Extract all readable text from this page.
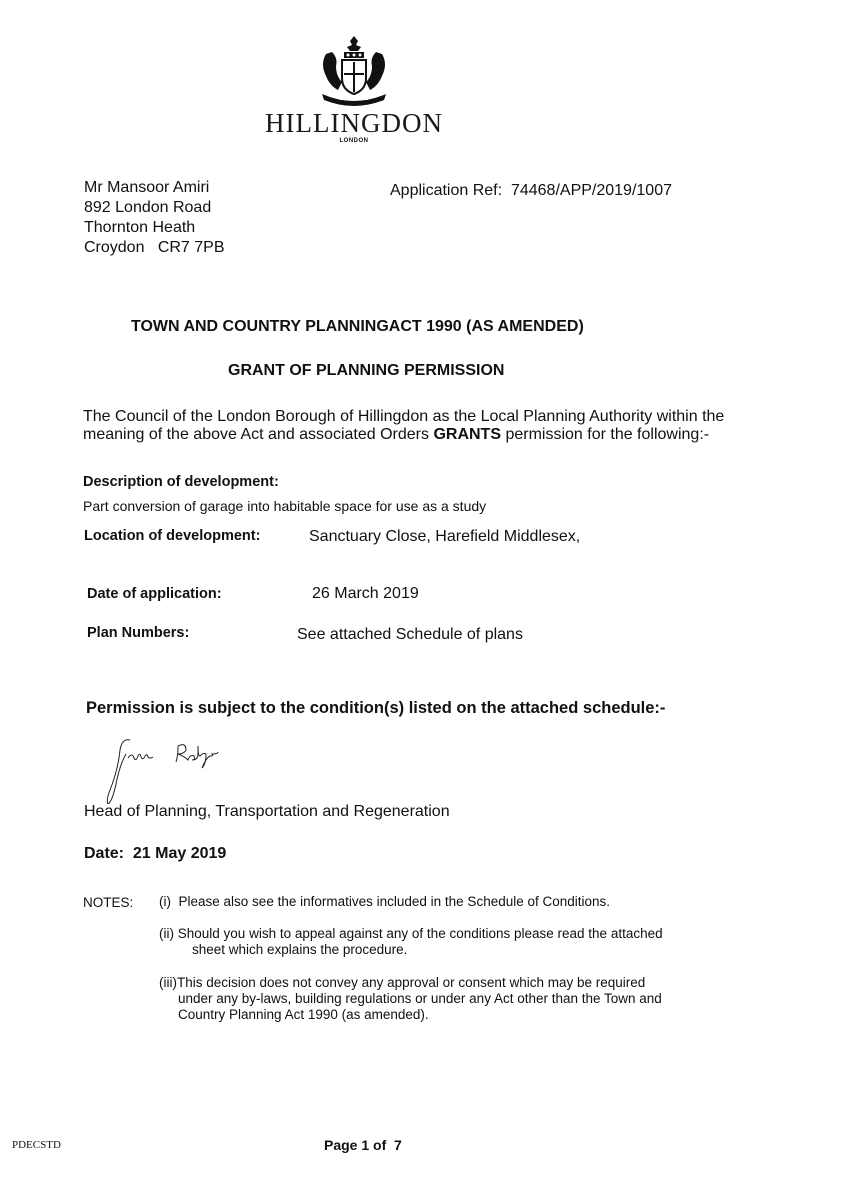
HILLINGDON
LONDON
Mr Mansoor Amiri
892 London Road
Thornton Heath
Croydon   CR7 7PB
Application Ref: 74468/APP/2019/1007
TOWN AND COUNTRY PLANNINGACT 1990 (AS AMENDED)
GRANT OF PLANNING PERMISSION
The Council of the London Borough of Hillingdon as the Local Planning Authority within the meaning of the above Act and associated Orders GRANTS permission for the following:-
Description of development:
Part conversion of garage into habitable space for use as a study
Location of development:	Sanctuary Close, Harefield Middlesex,
Date of application:	26 March 2019
Plan Numbers:	See attached Schedule of plans
Permission is subject to the condition(s) listed on the attached schedule:-
Head of Planning, Transportation and Regeneration
Date:  21 May 2019
NOTES: (i) Please also see the informatives included in the Schedule of Conditions.
(ii) Should you wish to appeal against any of the conditions please read the attached
sheet which explains the procedure.
(iii)This decision does not convey any approval or consent which may be required
under any by-laws, building regulations or under any Act other than the Town and
Country Planning Act 1990 (as amended).
PDECSTD	Page 1 of  7
